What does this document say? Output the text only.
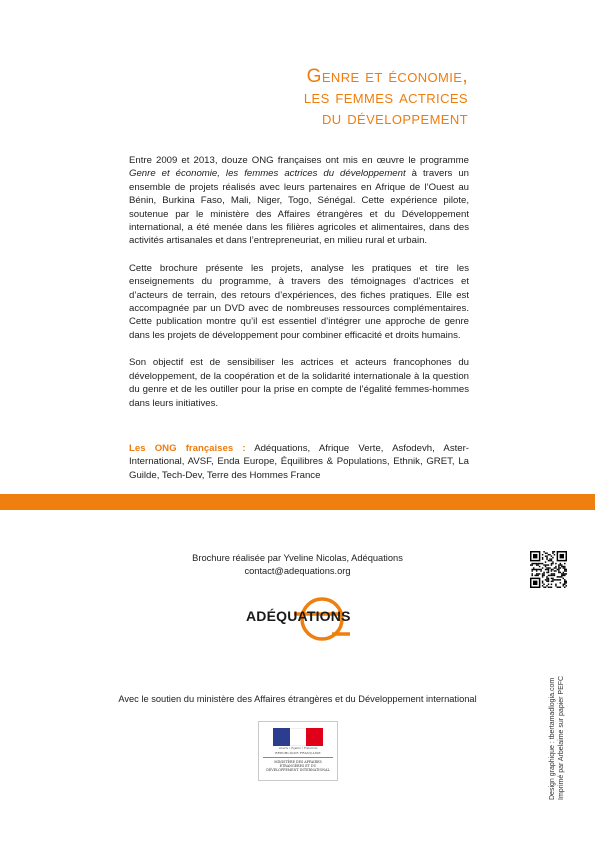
Genre et économie,
les femmes actrices
du développement

Entre 2009 et 2013, douze ONG françaises ont mis en œuvre le programme Genre et économie, les femmes actrices du développement à travers un ensemble de projets réalisés avec leurs partenaires en Afrique de l’Ouest au Bénin, Burkina Faso, Mali, Niger, Togo, Sénégal. Cette expérience pilote, soutenue par le ministère des Affaires étrangères et du Développement international, a été menée dans les filières agricoles et alimentaires, dans des activités artisanales et dans l’entrepreneuriat, en milieu rural et urbain.

Cette brochure présente les projets, analyse les pratiques et tire les enseignements du programme, à travers des témoignages d’actrices et d’acteurs de terrain, des retours d’expériences, des fiches pratiques. Elle est accompagnée par un DVD avec de nombreuses ressources complémentaires. Cette publication montre qu’il est essentiel d’intégrer une approche de genre dans les projets de développement pour combiner efficacité et droits humains.

Son objectif est de sensibiliser les actrices et acteurs francophones du développement, de la coopération et de la solidarité internationale à la question du genre et de les outiller pour la prise en compte de l’égalité femmes-hommes dans leurs initiatives.

Les ONG françaises : Adéquations, Afrique Verte, Asfodevh, Aster-International, AVSF, Enda Europe, Équilibres & Populations, Ethnik, GRET, La Guilde, Tech-Dev, Terre des Hommes France

Brochure réalisée par Yveline Nicolas, Adéquations
contact@adequations.org
ADÉQUATIONS
Design graphique : tbertamadlogia.com Imprimé par Arbelaime sur papier PEFC
Avec le soutien du ministère des Affaires étrangères et du Développement international
Liberté • Égalité • Fraternité
RÉPUBLIQUE FRANÇAISE
MINISTÈRE DES AFFAIRES ÉTRANGÈRES ET DU DÉVELOPPEMENT INTERNATIONAL
